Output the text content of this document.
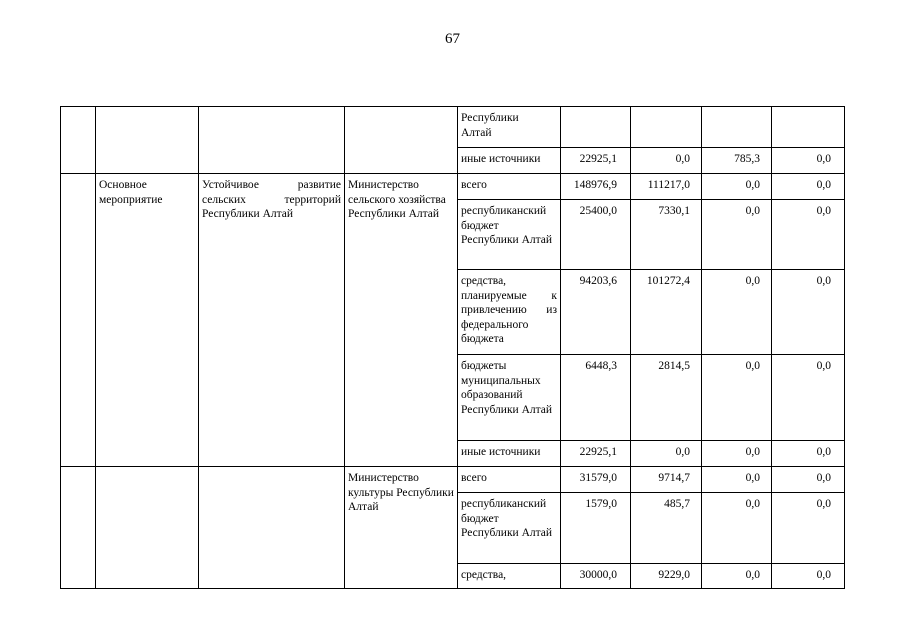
67
				Республики
Алтай				
				иные источники	22925,1	0,0	785,3	0,0
	Основное мероприятие	Устойчивое развитие сельских территорий Республики Алтай	Министерство сельского хозяйства Республики Алтай	всего	148976,9	111217,0	0,0	0,0
				республиканский бюджет Республики Алтай	25400,0	7330,1	0,0	0,0
				средства, планируемые к привлечению из федерального бюджета	94203,6	101272,4	0,0	0,0
				бюджеты муниципальных образований Республики Алтай	6448,3	2814,5	0,0	0,0
				иные источники	22925,1	0,0	0,0	0,0
			Министерство культуры Республики Алтай	всего	31579,0	9714,7	0,0	0,0
				республиканский бюджет Республики Алтай	1579,0	485,7	0,0	0,0
				средства,	30000,0	9229,0	0,0	0,0
